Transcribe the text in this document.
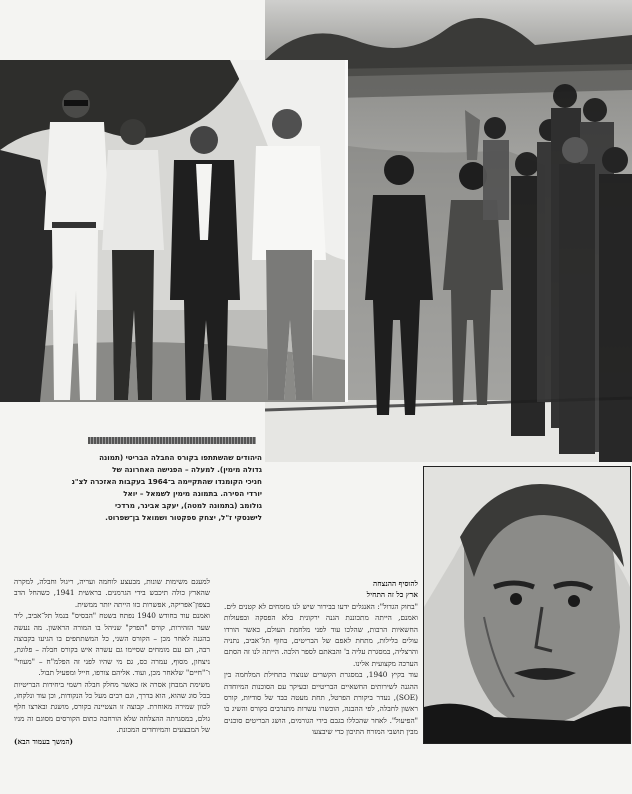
היהודים שהשתתפו בקורס החבלה הבריטי (תמונה
גדולה מימין). למעלה – הפגישה האחרונה של
חניכי הקומנדו שהתקיימה ב־1964 בעקבות האזכרה לצ"נ
יורדי הסירה. בתמונה מימין לשמאל – יואל
גולומב (בתמונה למטה), יעקב אבינר, מרדכי
לישנסקי ז"ל, יצחק ספקטור ושמואל בן־שפרוט.

להוסיף ההנצחה

ארץ כל זה התחיל

"בחוק הגדול": האנגלים ידעו בבירור שיש לנו מומחים לא קטנים לים. ואמנם, הייתה מתכוננת הגנה ירקונית בלא הפסקה ובפעולות החשאיות הרבות, שהלכו עוד לפני מלחמת העולם, כאשר הורדו עולים בלילות, מתחת לאפם של הבריטים, בחוף תל־אביב, נתניה והרצליה, במסגרת עליה ב' והבאתם לספר הלכה. הייתה לנו זה הסתם הערכה מקצועית אלינו.

עוד בקיץ 1940, במסגרת הקשרים שנוצרו בתחילת המלחמה בין ההגנה לשירותים החשאיים הבריטיים ובעיקר עם הסוכנות המיוחדת (SOE), נעדר ביקורת הפרטל, תחת מעטה כבד של סודיות, קורס ראשון לחבלה, לפי ההבנה, הוכשרו עשרות מתנדבים בקורס והשיג בו "הפיעול". לאחר שהכללו בגבם בידי הגורמים, הושג הבריטים סוכנים מבין תושבי המזרח התיכון כדי שיבצעו

למעגם משימות שונות, מבעצע לוחמה ועריה, ריגול וחבלה, למקרה שהארץ כולה תיכבש בידי הגרמנים. בראשית 1941, כשהחל הדב בצפון־אפריקה, אפשרות כזו הייתה יותר ממשית.

ואמנם עוד בחודש 1940 נפתח בשטח "הבסיס" בנמל תל־אביב, ליד שער הזהירות, קורס "הפרק" שניהל בו המורה הראשון. מה נעשה בהגנה לאחר מכן – הקורס השני, כל המשתתפים בו הגיעו בקבוצה רבה, הם עם מומחים שסיימו גם עשרה איש בקורס חבלה – פלוגת, ניצחון, מסוף, עמרה כס, גם מי שהיו לפני זה הפלמ"ח – "מעוזי" ו־"חיים" שלאחר מכן, ועוד. אליהם צורפו, חייל ומפעיל תבול.

משימת המבחן אסרה אז כאשר מחלק חבלה רשמי ביחידות הבריטיות בכל סוג שהוא, הוא בדרך, וגם רבים מעל כל הנקודות, וכן עוד ונלקחו, לכוון שמירה מאוחרת. קבוצה זו הצטיינה בקורס, מושגת ובארצו חלף גולם, במסגרתה ההצלחה שלא הורחבה כתום הקורסים מסוגם זה מניו של המבצעים והמיוחדים המכונת.

(המשך בעמוד הבא)
